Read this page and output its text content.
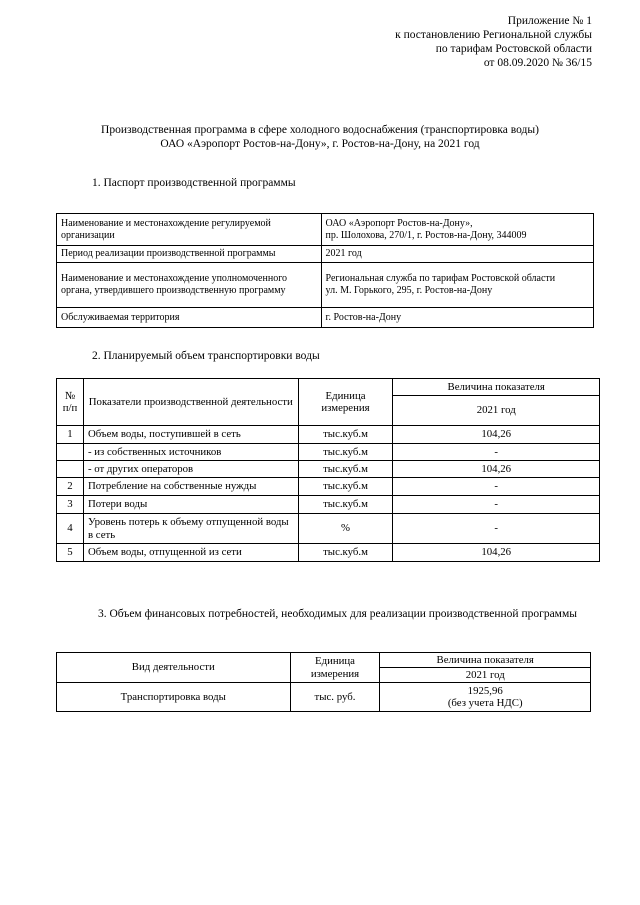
Приложение № 1
к постановлению Региональной службы
по тарифам Ростовской области
от 08.09.2020 № 36/15
Производственная программа в сфере холодного водоснабжения (транспортировка воды)
ОАО «Аэропорт Ростов-на-Дону», г. Ростов-на-Дону, на 2021 год
1. Паспорт производственной программы
Наименование и местонахождение регулируемой организации	ОАО «Аэропорт Ростов-на-Дону»,
пр. Шолохова, 270/1, г. Ростов-на-Дону, 344009

Период реализации производственной программы	2021 год
Наименование и местонахождение уполномоченного органа, утвердившего производственную программу	Региональная служба по тарифам Ростовской области
ул. М. Горького, 295, г. Ростов-на-Дону

Обслуживаемая территория	г. Ростов-на-Дону
2. Планируемый объем транспортировки воды
№ п/п	Показатели производственной деятельности	Единица измерения	Величина показателя
			2021 год
1	Объем воды, поступившей в сеть	тыс.куб.м	104,26
	- из собственных источников	тыс.куб.м	-
	- от других операторов	тыс.куб.м	104,26
2	Потребление на собственные нужды	тыс.куб.м	-
3	Потери воды	тыс.куб.м	-
4	Уровень потерь к объему отпущенной воды в сеть	%	-
5	Объем воды, отпущенной из сети	тыс.куб.м	104,26
3. Объем финансовых потребностей, необходимых для реализации производственной программы
Вид деятельности	Единица измерения	Величина показателя
		2021 год
Транспортировка воды	тыс. руб.	1925,96
(без учета НДС)
